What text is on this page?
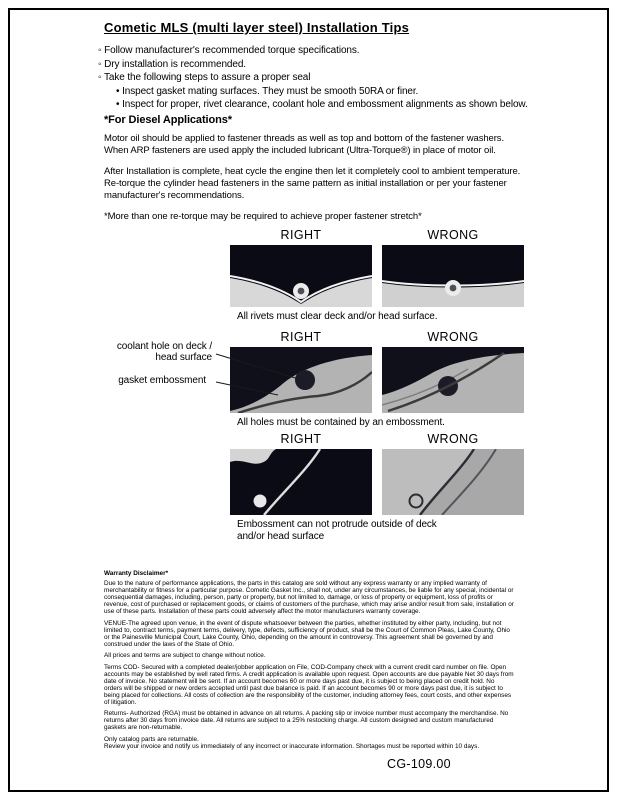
Cometic MLS (multi layer steel) Installation Tips
◦ Follow manufacturer's recommended torque specifications.
◦ Dry installation is recommended.
◦ Take the following steps to assure a proper seal
• Inspect gasket mating surfaces. They must be smooth 50RA or finer.
• Inspect for proper, rivet clearance, coolant hole and embossment alignments as shown below.
*For Diesel Applications*

Motor oil should be applied to fastener threads as well as top and bottom of the fastener washers. When ARP fasteners are used apply the included lubricant (Ultra-Torque®) in place of motor oil.

After Installation is complete, heat cycle the engine then let it completely cool to ambient temperature. Re-torque the cylinder head fasteners in the same pattern as initial installation or per your fastener manufacturer's recommendations.

*More than one re-torque may be required to achieve proper fastener stretch*

RIGHT	WRONG
All rivets must clear deck and/or head surface.
RIGHT	WRONG
All holes must be contained by an embossment.
coolant hole on deck / head surface
gasket embossment
RIGHT	WRONG
Embossment can not protrude outside of deck and/or head surface
Warranty Disclaimer*

Due to the nature of performance applications, the parts in this catalog are sold without any express warranty or any implied warranty of merchantability or fitness for a particular purpose. Cometic Gasket Inc., shall not, under any circumstances, be liable for any special, incidental or consequential damages, including, person, party or property, but not limited to, damage, or loss of property or equipment, loss of profits or revenue, cost of purchased or replacement goods, or claims of customers of the purchase, which may arise and/or result from sale, installation or use of these parts. Installation of these parts could adversely affect the motor manufacturers warranty coverage.

VENUE-The agreed upon venue, in the event of dispute whatsoever between the parties, whether instituted by either party, including, but not limited to, contract terms, payment terms, delivery, type, defects, sufficiency of product, shall be the Court of Common Pleas, Lake County, Ohio or the Painesville Municipal Court, Lake County, Ohio, depending on the amount in controversy. This agreement shall be governed by and construed under the laws of the State of Ohio.

All prices and terms are subject to change without notice.

Terms COD- Secured with a completed dealer/jobber application on File, COD-Company check with a current credit card number on file. Open accounts may be established by well rated firms. A credit application is available upon request. Open accounts are due payable Net 30 days from date of invoice. No statement will be sent. If an account becomes 60 or more days past due, it is subject to being placed on credit hold. No orders will be shipped or new orders accepted until past due balance is paid. If an account becomes 90 or more days past due, it is subject to being placed for collections. All costs of collection are the responsibility of the customer, including attorney fees, court costs, and other expenses of litigation.

Returns- Authorized (RGA) must be obtained in advance on all returns. A packing slip or invoice number must accompany the merchandise. No returns after 30 days from invoice date. All returns are subject to a 25% restocking charge. All custom designed and custom manufactured gaskets are non-returnable.

Only catalog parts are returnable.

Review your invoice and notify us immediately of any incorrect or inaccurate information. Shortages must be reported within 10 days.

CG-109.00
